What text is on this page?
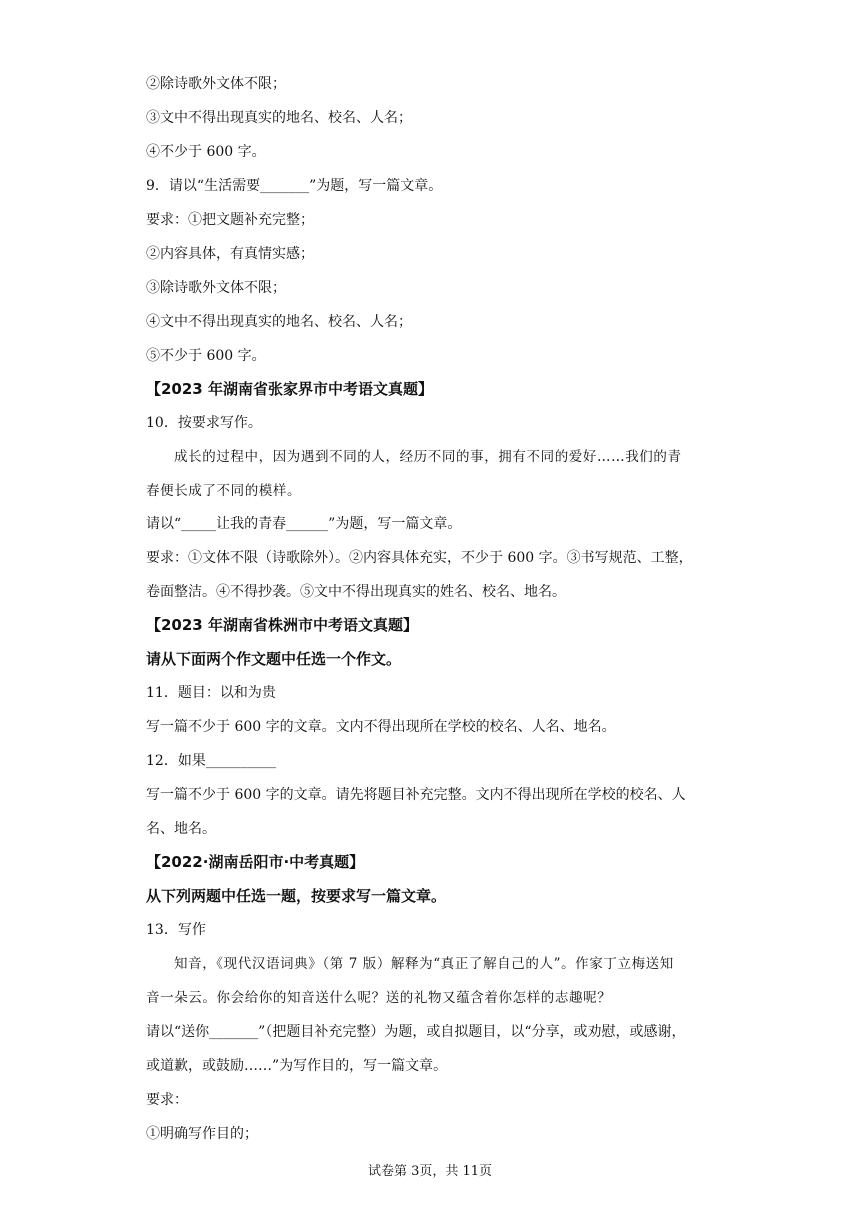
②除诗歌外文体不限；
③文中不得出现真实的地名、校名、人名；
④不少于 600 字。
9．请以“生活需要_______”为题，写一篇文章。
要求：①把文题补充完整；
②内容具体，有真情实感；
③除诗歌外文体不限；
④文中不得出现真实的地名、校名、人名；
⑤不少于 600 字。
【2023 年湖南省张家界市中考语文真题】
10．按要求写作。
成长的过程中，因为遇到不同的人，经历不同的事，拥有不同的爱好……我们的青
春便长成了不同的模样。
请以“_____让我的青春______”为题，写一篇文章。
要求：①文体不限（诗歌除外）。②内容具体充实，不少于 600 字。③书写规范、工整，
卷面整洁。④不得抄袭。⑤文中不得出现真实的姓名、校名、地名。
【2023 年湖南省株洲市中考语文真题】
请从下面两个作文题中任选一个作文。
11．题目：以和为贵
写一篇不少于 600 字的文章。文内不得出现所在学校的校名、人名、地名。
12．如果__________
写一篇不少于 600 字的文章。请先将题目补充完整。文内不得出现所在学校的校名、人
名、地名。
【2022·湖南岳阳市·中考真题】
从下列两题中任选一题，按要求写一篇文章。
13．写作
知音，《现代汉语词典》（第 7 版）解释为“真正了解自己的人”。作家丁立梅送知
音一朵云。你会给你的知音送什么呢？送的礼物又蕴含着你怎样的志趣呢？
请以“送你_______”（把题目补充完整）为题，或自拟题目，以“分享，或劝慰，或感谢，
或道歉，或鼓励……”为写作目的，写一篇文章。
要求：
①明确写作目的；
试卷第 3页，共 11页
